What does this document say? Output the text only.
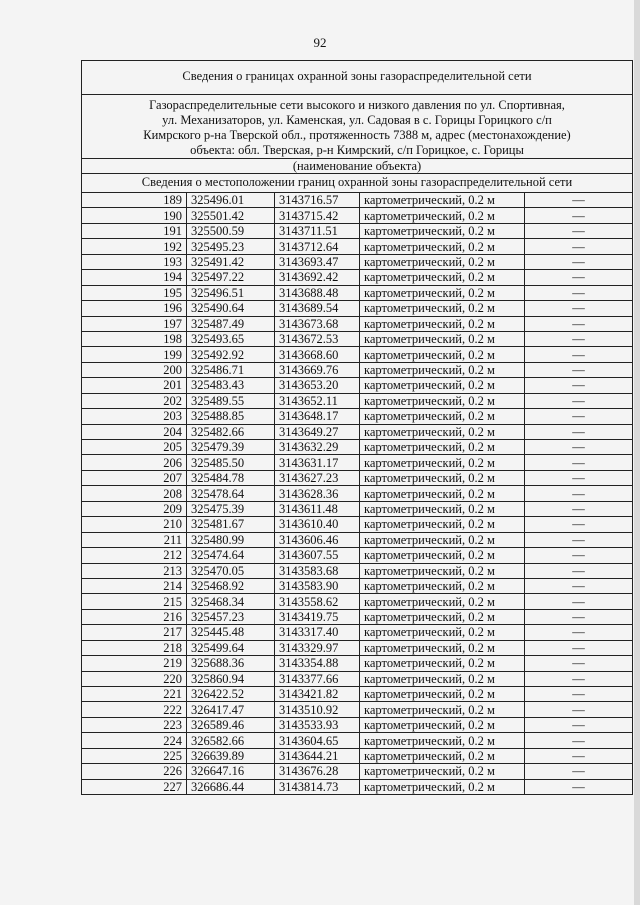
92
Сведения о границах охранной зоны газораспределительной сети
Газораспределительные сети высокого и низкого давления по ул. Спортивная,
ул. Механизаторов, ул. Каменская, ул. Садовая в с. Горицы Горицкого с/п
Кимрского р-на Тверской обл., протяженность 7388 м, адрес (местонахождение)
объекта: обл. Тверская, р-н Кимрский, с/п Горицкое, с. Горицы
(наименование объекта)
Сведения о местоположении границ охранной зоны газораспределительной сети
189	325496.01	3143716.57	картометрический, 0.2 м	—
190	325501.42	3143715.42	картометрический, 0.2 м	—
191	325500.59	3143711.51	картометрический, 0.2 м	—
192	325495.23	3143712.64	картометрический, 0.2 м	—
193	325491.42	3143693.47	картометрический, 0.2 м	—
194	325497.22	3143692.42	картометрический, 0.2 м	—
195	325496.51	3143688.48	картометрический, 0.2 м	—
196	325490.64	3143689.54	картометрический, 0.2 м	—
197	325487.49	3143673.68	картометрический, 0.2 м	—
198	325493.65	3143672.53	картометрический, 0.2 м	—
199	325492.92	3143668.60	картометрический, 0.2 м	—
200	325486.71	3143669.76	картометрический, 0.2 м	—
201	325483.43	3143653.20	картометрический, 0.2 м	—
202	325489.55	3143652.11	картометрический, 0.2 м	—
203	325488.85	3143648.17	картометрический, 0.2 м	—
204	325482.66	3143649.27	картометрический, 0.2 м	—
205	325479.39	3143632.29	картометрический, 0.2 м	—
206	325485.50	3143631.17	картометрический, 0.2 м	—
207	325484.78	3143627.23	картометрический, 0.2 м	—
208	325478.64	3143628.36	картометрический, 0.2 м	—
209	325475.39	3143611.48	картометрический, 0.2 м	—
210	325481.67	3143610.40	картометрический, 0.2 м	—
211	325480.99	3143606.46	картометрический, 0.2 м	—
212	325474.64	3143607.55	картометрический, 0.2 м	—
213	325470.05	3143583.68	картометрический, 0.2 м	—
214	325468.92	3143583.90	картометрический, 0.2 м	—
215	325468.34	3143558.62	картометрический, 0.2 м	—
216	325457.23	3143419.75	картометрический, 0.2 м	—
217	325445.48	3143317.40	картометрический, 0.2 м	—
218	325499.64	3143329.97	картометрический, 0.2 м	—
219	325688.36	3143354.88	картометрический, 0.2 м	—
220	325860.94	3143377.66	картометрический, 0.2 м	—
221	326422.52	3143421.82	картометрический, 0.2 м	—
222	326417.47	3143510.92	картометрический, 0.2 м	—
223	326589.46	3143533.93	картометрический, 0.2 м	—
224	326582.66	3143604.65	картометрический, 0.2 м	—
225	326639.89	3143644.21	картометрический, 0.2 м	—
226	326647.16	3143676.28	картометрический, 0.2 м	—
227	326686.44	3143814.73	картометрический, 0.2 м	—
